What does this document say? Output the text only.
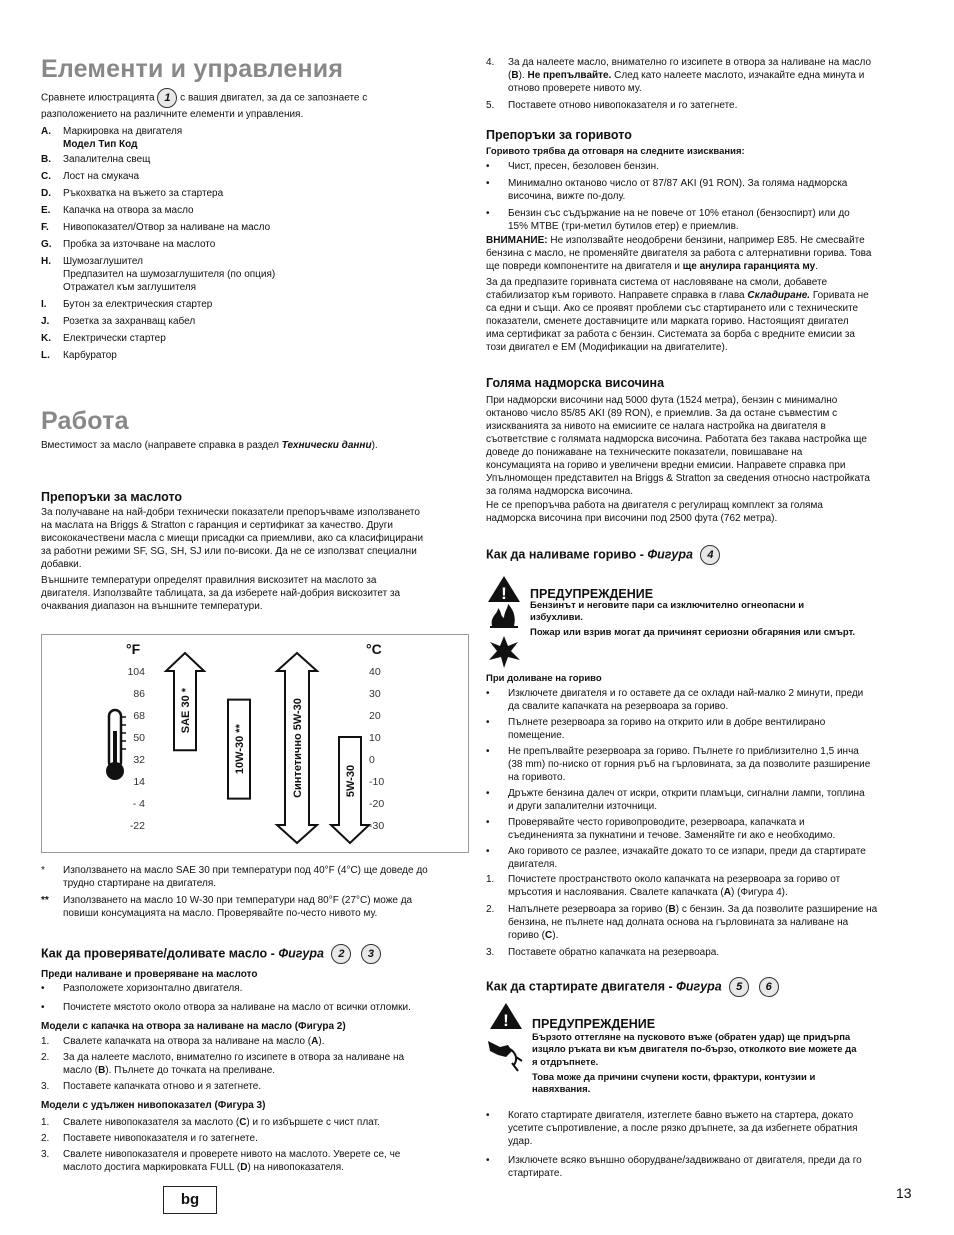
Елементи и управления
Сравнете илюстрацията 1 с вашия двигател, за да се запознаете с
разположението на различните елементи и управления.
A. Маркировка на двигателя
Модел Тип Код
B. Запалителна свещ
C. Лост на смукача
D. Ръкохватка на въжето за стартера
E. Капачка на отвора за масло
F. Нивопоказател/Отвор за наливане на масло
G. Пробка за източване на маслото
H. Шумозаглушител
Предпазител на шумозаглушителя (по опция)
Отражател към заглушителя
I. Бутон за електрическия стартер
J. Розетка за захранващ кабел
K. Електрически стартер
L. Карбуратор
Работа
Вместимост за масло (направете справка в раздел Технически данни).
Препоръки за маслото
За получаване на най-добри технически показатели препоръчваме използването
на маслата на Briggs & Stratton с гаранция и сертификат за качество. Други
висококачествени масла с миещи присадки са приемливи, ако са класифицирани
за работни режими SF, SG, SH, SJ или по-високи. Да не се използват специални
добавки.
Външните температури определят правилния вискозитет на маслото за
двигателя. Използвайте таблицата, за да изберете най-добрия вискозитет за
очаквания диапазон на външните температури.
* Използването на масло SAE 30 при температури под 40°F (4°C) ще доведе до
трудно стартиране на двигателя.
** Използването на масло 10 W-30 при температури над 80°F (27°C) може да
повиши консумацията на масло. Проверявайте по-често нивото му.
Как да проверявате/доливате масло - Фигура 2 3
Преди наливане и проверяване на маслото
• Разположете хоризонтално двигателя.
• Почистете мястото около отвора за наливане на масло от всички отломки.
Модели с капачка на отвора за наливане на масло (Фигура 2)
1. Свалете капачката на отвора за наливане на масло (A).
2. За да налеете маслото, внимателно го изсипете в отвора за наливане на
масло (B). Пълнете до точката на преливане.
3. Поставете капачката отново и я затегнете.
Модели с удължен нивопоказател (Фигура 3)
1. Свалете нивопоказателя за маслото (C) и го избършете с чист плат.
2. Поставете нивопоказателя и го затегнете.
3. Свалете нивопоказателя и проверете нивото на маслото. Уверете се, че
маслото достига маркировката FULL (D) на нивопоказателя.
°F	°C
104
86
68
50
32
14
- 4
-22
40
30
20
10
0
-10
-20
-30
SAE 30 *
10W-30 **	Синтетично 5W-30	5W-30
4. За да налеете масло, внимателно го изсипете в отвора за наливане на масло
(B). Не препълвайте. След като налеете маслото, изчакайте една минута и
отново проверете нивото му.
5. Поставете отново нивопоказателя и го затегнете.
Препоръки за горивото
Горивото трябва да отговаря на следните изисквания:
• Чист, пресен, безоловен бензин.
• Минимално октаново число от 87/87 AKI (91 RON). За голяма надморска
височина, вижте по-долу.
• Бензин със съдържание на не повече от 10% етанол (бензоспирт) или до
15% MTBE (три-метил бутилов етер) е приемлив.
ВНИМАНИЕ: Не използвайте неодобрени бензини, например E85. Не смесвайте
бензина с масло, не променяйте двигателя за работа с алтернативни горива. Това
ще повреди компонентите на двигателя и ще анулира гаранцията му.
За да предпазите горивната система от насловяване на смоли, добавете
стабилизатор към горивото. Направете справка в глава Складиране. Горивата не
са едни и същи. Ако се проявят проблеми със стартирането или с техническите
показатели, сменете доставчиците или марката гориво. Настоящият двигател
има сертификат за работа с бензин. Системата за борба с вредните емисии за
този двигател е EM (Модификации на двигателите).
Голяма надморска височина
При надморски височини над 5000 фута (1524 метра), бензин с минимално
октаново число 85/85 AKI (89 RON), е приемлив. За да остане съвместим с
изискванията за нивото на емисиите се налага настройка на двигателя в
съответствие с голямата надморска височина. Работата без такава настройка ще
доведе до понижаване на техническите показатели, повишаване на
консумацията на гориво и увеличени вредни емисии. Направете справка при
Упълномощен представител на Briggs & Stratton за сведения относно настройката
за голяма надморска височина.
Не се препоръчва работа на двигателя с регулиращ комплект за голяма
надморска височина при височини под 2500 фута (762 метра).
Как да наливаме гориво - Фигура 4
! ПРЕДУПРЕЖДЕНИЕ
Бензинът и неговите пари са изключително огнеопасни и
избухливи.
Пожар или взрив могат да причинят сериозни обгаряния или смърт.
При доливане на гориво
• Изключете двигателя и го оставете да се охлади най-малко 2 минути, преди
да свалите капачката на резервоара за гориво.
• Пълнете резервоара за гориво на открито или в добре вентилирано
помещение.
• Не препълвайте резервоара за гориво. Пълнете го приблизително 1,5 инча
(38 mm) по-ниско от горния ръб на гърловината, за да позволите разширение
на горивото.
• Дръжте бензина далеч от искри, открити пламъци, сигнални лампи, топлина
и други запалителни източници.
• Проверявайте често горивопроводите, резервоара, капачката и
съединенията за пукнатини и течове. Заменяйте ги ако е необходимо.
• Ако горивото се разлее, изчакайте докато то се изпари, преди да стартирате
двигателя.
1. Почистете пространството около капачката на резервоара за гориво от
мръсотия и наслоявания. Свалете капачката (A) (Фигура 4).
2. Напълнете резервоара за гориво (B) с бензин. За да позволите разширение на
бензина, не пълнете над долната основа на гърловината за наливане на
гориво (C).
3. Поставете обратно капачката на резервоара.
Как да стартирате двигателя - Фигура 5 6
! ПРЕДУПРЕЖДЕНИЕ
Бързото оттегляне на пусковото въже (обратен удар) ще придърпа
изцяло ръката ви към двигателя по-бързо, отколкото вие можете да
я отдръпнете.
Това може да причини счупени кости, фрактури, контузии и
навяхвания.
• Когато стартирате двигателя, изтеглете бавно въжето на стартера, докато
усетите съпротивление, а после рязко дръпнете, за да избегнете обратния
удар.
• Изключете всяко външно оборудване/задвижвано от двигателя, преди да го
стартирате.
bg	13
